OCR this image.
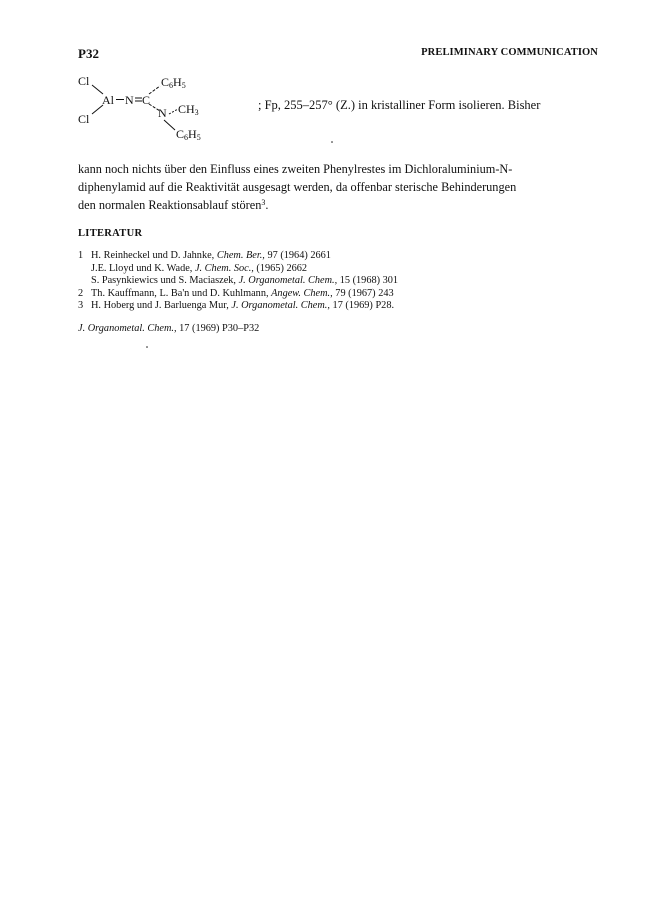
P32	PRELIMINARY COMMUNICATION
Cl
Cl
Al N C
N
C6H5
CH3
C6H5
; Fp, 255–257° (Z.) in kristalliner Form isolieren. Bisher

kann noch nichts über den Einfluss eines zweiten Phenylrestes im Dichloraluminium-N-

diphenylamid auf die Reaktivität ausgesagt werden, da offenbar sterische Behinderungen

den normalen Reaktionsablauf stören$^3$.

LITERATUR
1 H. Reinheckel und D. Jahnke, Chem. Ber., 97 (1964) 2661
J.E. Lloyd und K. Wade, J. Chem. Soc., (1965) 2662
S. Pasynkiewics und S. Maciaszek, J. Organometal. Chem., 15 (1968) 301
2 Th. Kauffmann, L. Ba'n und D. Kuhlmann, Angew. Chem., 79 (1967) 243
3 H. Hoberg und J. Barluenga Mur, J. Organometal. Chem., 17 (1969) P28.
J. Organometal. Chem., 17 (1969) P30–P32
